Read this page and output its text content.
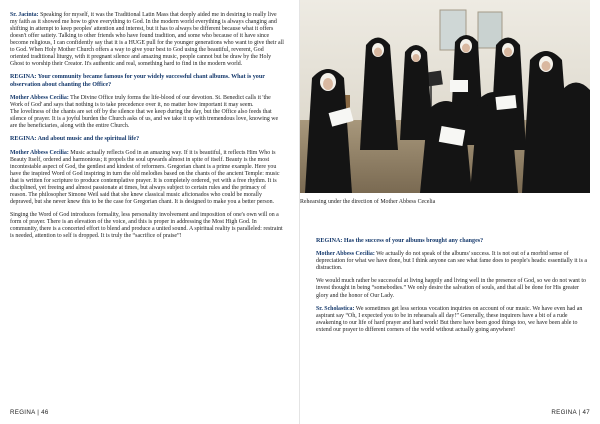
Sr. Jacinta: Speaking for myself, it was the Traditional Latin Mass that deeply aided me in desiring to really live my faith as it showed me how to give everything to God. In the modern world everything is always changing and shifting in attempt to keep peoples' attention and interest, but it has to always be different because what it offers doesn't offer satiety. Talking to other friends who have found tradition, and some who because of it have since become religious, I can confidently say that it is a HUGE pull for the younger generations who want to give their all to God. When Holy Mother Church offers a way to give your best to God using the beautiful, reverent, God oriented traditional liturgy, with it pregnant silence and amazing music, people cannot but be draw by the Holy Ghost to worship their Creator. It's authentic and real, something hard to find in the modern world.

REGINA: Your community became famous for your widely successful chant albums. What is your observation about chanting the Office?

Mother Abbess Cecilia: The Divine Office truly forms the life-blood of our devotion. St. Benedict calls it 'the Work of God' and says that nothing is to take precedence over it, no matter how important it may seem.
The loveliness of the chants are set off by the silence that we keep during the day, but the Office also feeds that silence of prayer. It is a joyful burden the Church asks of us, and we take it up with tremendous love, knowing we are the beneficiaries, along with the entire Church.

REGINA: And about music and the spiritual life?

Mother Abbess Cecilia: Music actually reflects God in an amazing way. If it is beautiful, it reflects Him Who is Beauty Itself, ordered and harmonious; it propels the soul upwards almost in spite of itself. Beauty is the most incontestable aspect of God, the gentlest and kindest of reformers. Gregorian chant is a prime example. Here you have the inspired Word of God inspiring in turn the old melodies based on the chants of the ancient Temple: music that is written for scripture to produce contemplative prayer. It is completely ordered, yet with a free rhythm. It is disciplined, yet freeing and almost passionate at times, but always subject to certain rules and the primacy of reason. The philosopher Simone Weil said that she knew classical music aficionados who could be morally depraved, but she never knew this to be the case for Gregorian chant. It is designed to make you a better person.

Singing the Word of God introduces formality, less personality involvement and imposition of one's own will on a form of prayer. There is an elevation of the voice, and this is proper in addressing the Most High God. In community, there is a concerted effort to blend and produce a united sound. A spiritual reality is paralleled: restraint is needed, attention to self is dropped. It is truly the “sacrifice of praise”!

REGINA | 46
Rehearsing under the direction of Mother Abbess Cecelia

REGINA: Has the success of your albums brought any changes?

Mother Abbess Cecilia: We actually do not speak of the albums' success. It is not out of a morbid sense of depreciation for what we have done, but I think anyone can see what fame does to people's heads: essentially it is a distraction.

We would much rather be successful at living happily and living well in the presence of God, so we do not want to invest thought in being “somebodies.” We only desire the salvation of souls, and that all be done for His greater glory and the honor of Our Lady.

Sr. Scholastica: We sometimes get less serious vocation inquiries on account of our music. We have even had an aspirant say “Oh, I expected you to be in rehearsals all day!” Generally, these inquirers have a bit of a rude awakening to our life of hard prayer and hard work! But there have been good things too, we have been able to extend our prayer to different corners of the world without actually going anywhere!

REGINA | 47
